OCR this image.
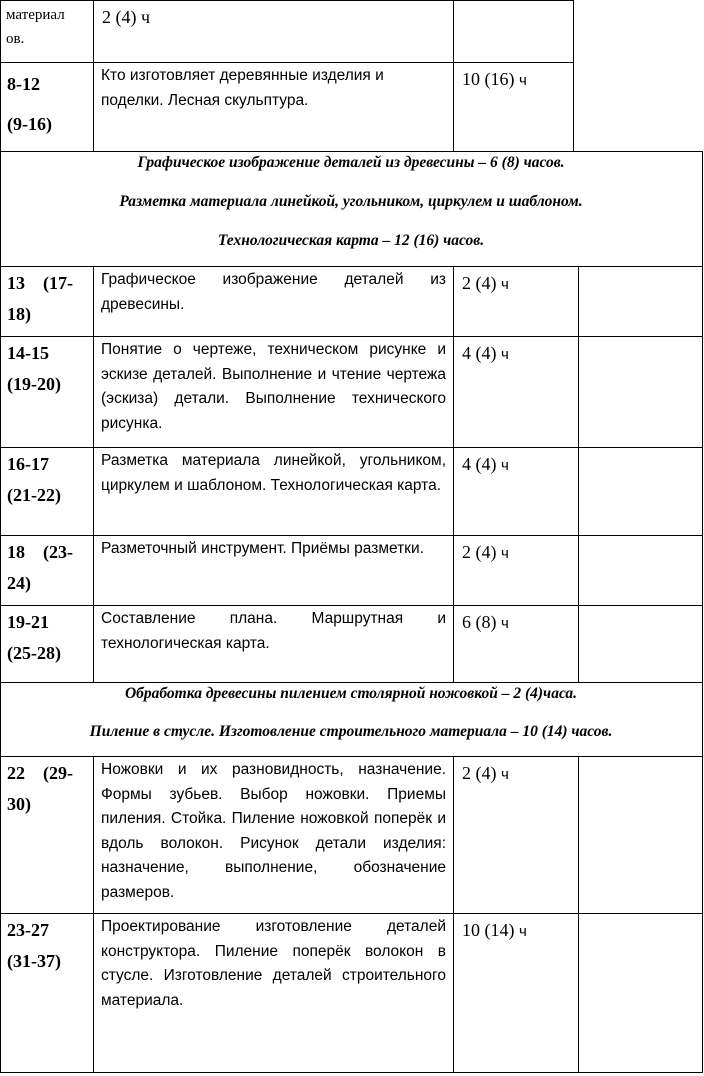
материал
ов.
2 (4) ч
8-12
(9-16)
Кто изготовляет деревянные изделия и поделки. Лесная скульптура.
10 (16) ч
Графическое изображение деталей из древесины – 6 (8) часов.
Разметка материала линейкой, угольником, циркулем и шаблоном.
Технологическая карта – 12 (16) часов.
13    (17-
18)
Графическое изображение деталей из древесины.
2 (4) ч
14-15
(19-20)
Понятие о чертеже, техническом рисунке и эскизе деталей. Выполнение и чтение чертежа (эскиза) детали. Выполнение технического рисунка.
4 (4) ч
16-17
(21-22)
Разметка материала линейкой, угольником, циркулем и шаблоном. Технологическая карта.
4 (4) ч
18    (23-
24)
Разметочный инструмент. Приёмы разметки.	2 (4) ч
19-21
(25-28)
Составление плана. Маршрутная и технологическая карта.
6 (8) ч
Обработка древесины пилением столярной ножовкой – 2 (4)часа.
Пиление в стусле. Изготовление строительного материала – 10 (14) часов.
22    (29-
30)
Ножовки и их разновидность, назначение. Формы зубьев. Выбор ножовки. Приемы пиления. Стойка. Пиление ножовкой поперёк и вдоль волокон. Рисунок детали изделия: назначение, выполнение, обозначение размеров.
2 (4) ч
23-27
(31-37)
Проектирование изготовление деталей конструктора. Пиление поперёк волокон в стусле. Изготовление деталей строительного материала.
10 (14) ч
